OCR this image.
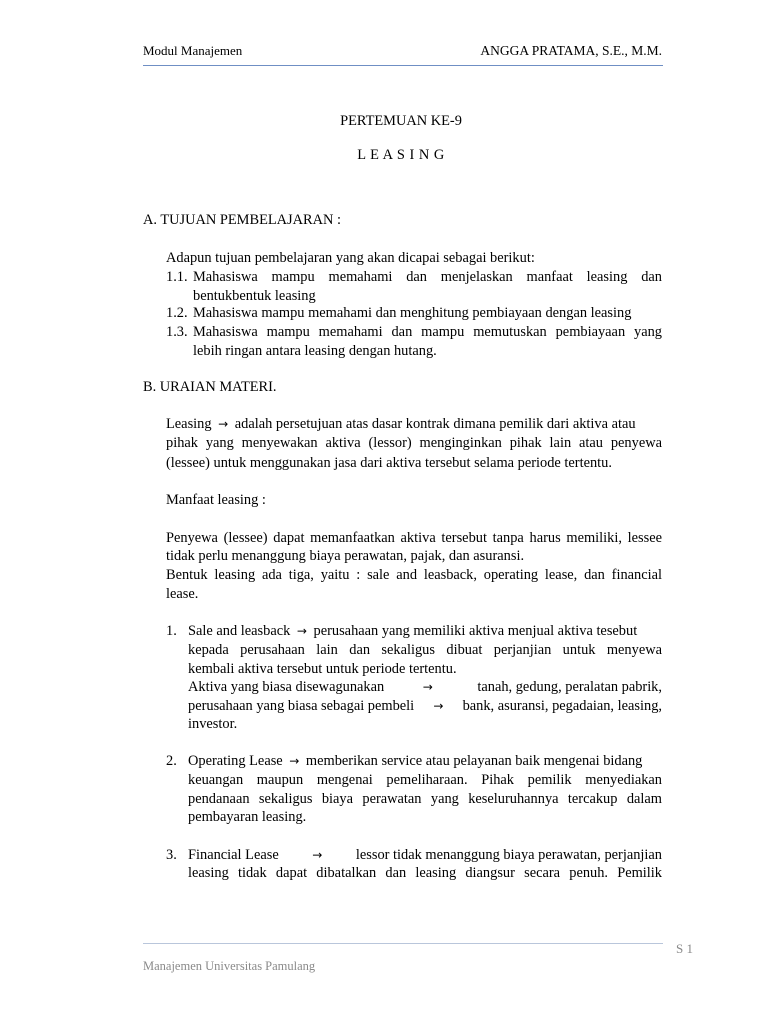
Modul Manajemen	ANGGA PRATAMA, S.E., M.M.
PERTEMUAN KE-9
L E A S I N G
A. TUJUAN PEMBELAJARAN :
Adapun tujuan pembelajaran yang akan dicapai sebagai berikut:
1.1. Mahasiswa mampu memahami dan menjelaskan manfaat leasing dan
bentukbentuk leasing
1.2. Mahasiswa mampu memahami dan menghitung pembiayaan dengan leasing
1.3. Mahasiswa mampu memahami dan mampu memutuskan pembiayaan yang
lebih ringan antara leasing dengan hutang.
B. URAIAN MATERI.
Leasing → adalah persetujuan atas dasar kontrak dimana pemilik dari aktiva atau
pihak yang menyewakan aktiva (lessor) menginginkan pihak lain atau penyewa
(lessee) untuk menggunakan jasa dari aktiva tersebut selama periode tertentu.
Manfaat leasing :
Penyewa (lessee) dapat memanfaatkan aktiva tersebut tanpa harus memiliki, lessee
tidak perlu menanggung biaya perawatan, pajak, dan asuransi.
Bentuk leasing ada tiga, yaitu : sale and leasback, operating lease, dan financial
lease.
1. Sale and leasback → perusahaan yang memiliki aktiva menjual aktiva tesebut
kepada perusahaan lain dan sekaligus dibuat perjanjian untuk menyewa
kembali aktiva tersebut untuk periode tertentu.
Aktiva yang biasa disewagunakan	→	tanah, gedung, peralatan pabrik,
perusahaan yang biasa sebagai pembeli → bank, asuransi, pegadaian, leasing,
investor.
2. Operating Lease → memberikan service atau pelayanan baik mengenai bidang
keuangan maupun mengenai pemeliharaan. Pihak pemilik menyediakan
pendanaan sekaligus biaya perawatan yang keseluruhannya tercakup dalam
pembayaran leasing.
3. Financial Lease	→ lessor tidak menanggung biaya perawatan, perjanjian
leasing tidak dapat dibatalkan dan leasing diangsur secara penuh. Pemilik
S 1
Manajemen Universitas Pamulang
